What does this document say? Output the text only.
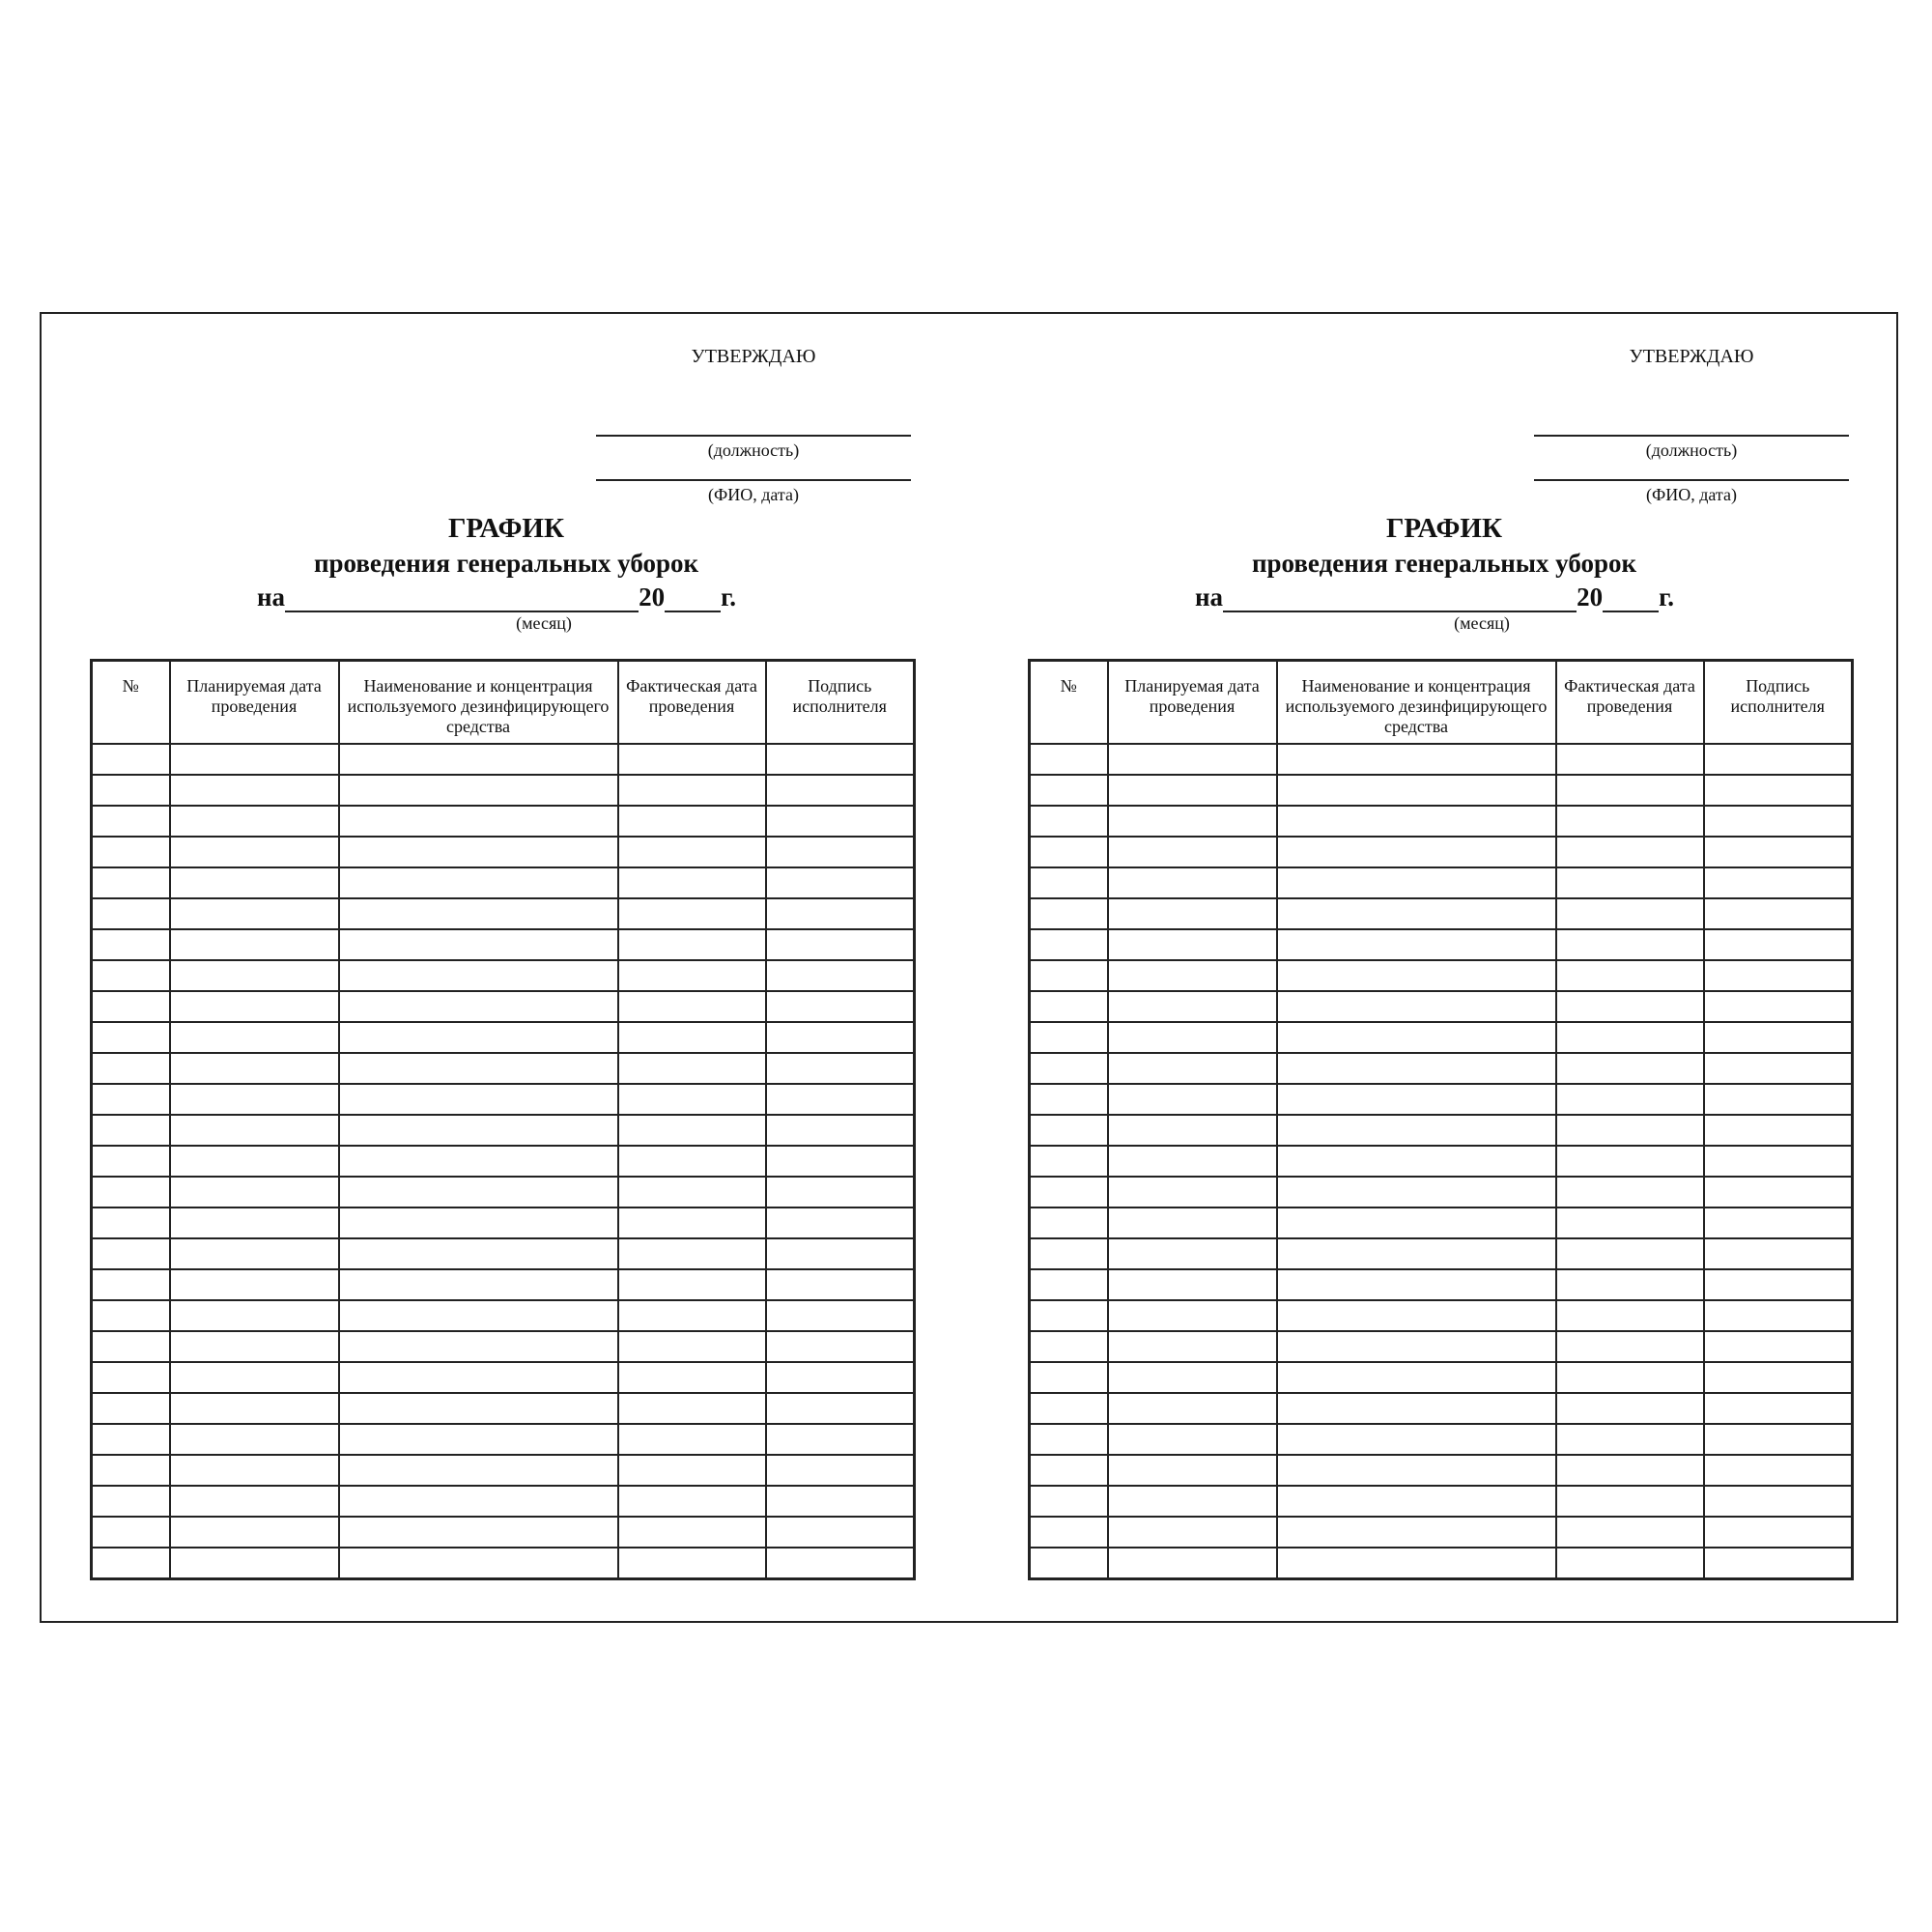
УТВЕРЖДАЮ
(должность)
(ФИО, дата)
ГРАФИК
проведения генеральных уборок
на	20 г.
(месяц)
№	Планируемая дата проведения	Наименование и концентрация используемого дезинфицирующего средства	Фактическая дата проведения	Подпись исполнителя

УТВЕРЖДАЮ
(должность)
(ФИО, дата)
ГРАФИК
проведения генеральных уборок
на	20 г.
(месяц)
№	Планируемая дата проведения	Наименование и концентрация используемого дезинфицирующего средства	Фактическая дата проведения	Подпись исполнителя
